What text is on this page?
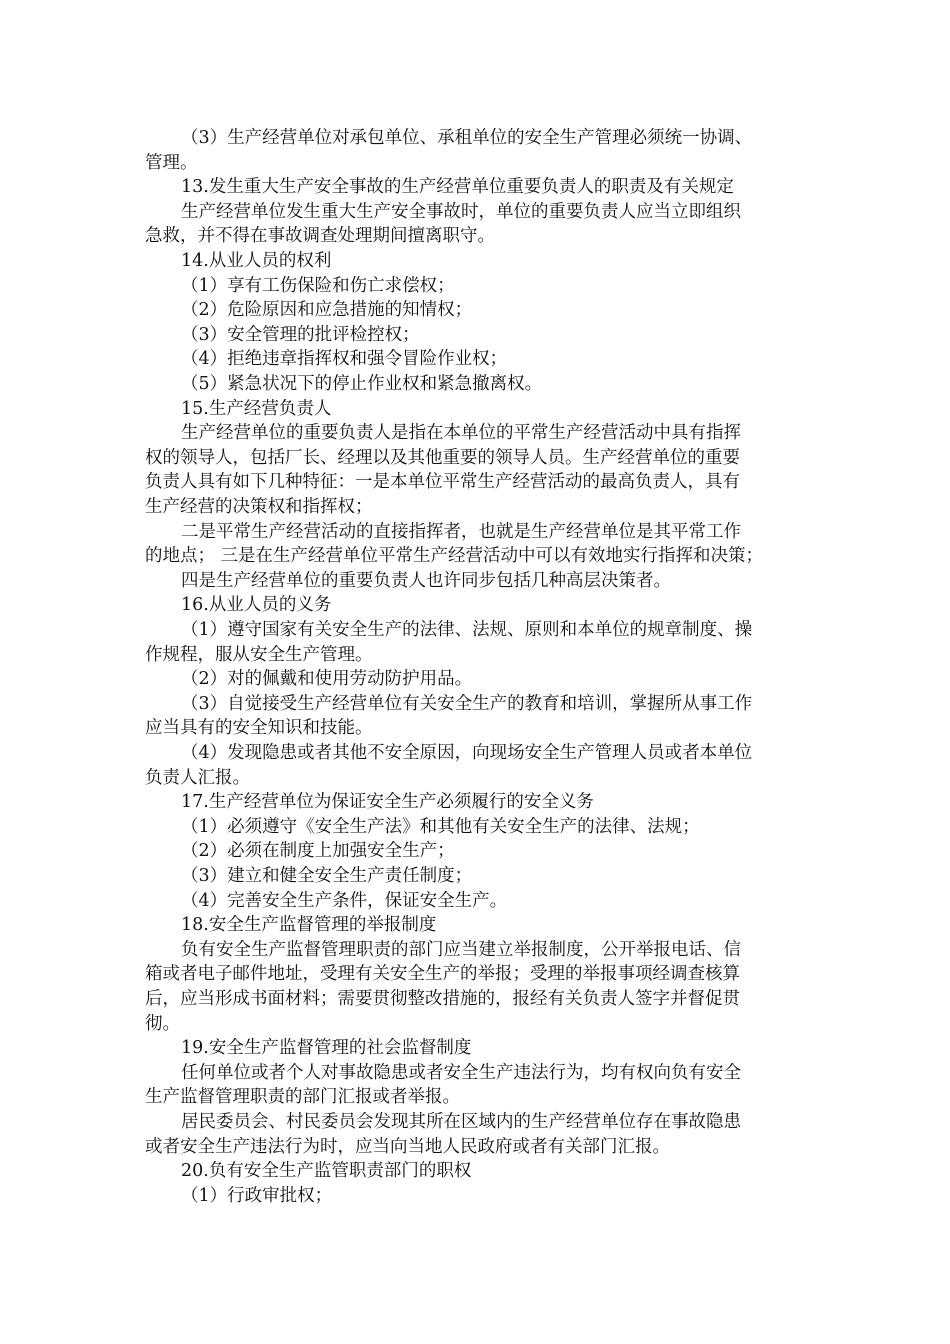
（3）生产经营单位对承包单位、承租单位的安全生产管理必须统一协调、
管理。
13.发生重大生产安全事故的生产经营单位重要负责人的职责及有关规定
生产经营单位发生重大生产安全事故时，单位的重要负责人应当立即组织
急救，并不得在事故调查处理期间擅离职守。
14.从业人员的权利
（1）享有工伤保险和伤亡求偿权；
（2）危险原因和应急措施的知情权；
（3）安全管理的批评检控权；
（4）拒绝违章指挥权和强令冒险作业权；
（5）紧急状况下的停止作业权和紧急撤离权。
15.生产经营负责人
生产经营单位的重要负责人是指在本单位的平常生产经营活动中具有指挥
权的领导人，包括厂长、经理以及其他重要的领导人员。生产经营单位的重要
负责人具有如下几种特征：一是本单位平常生产经营活动的最高负责人，具有
生产经营的决策权和指挥权；
二是平常生产经营活动的直接指挥者，也就是生产经营单位是其平常工作
的地点； 三是在生产经营单位平常生产经营活动中可以有效地实行指挥和决策；
四是生产经营单位的重要负责人也许同步包括几种高层决策者。
16.从业人员的义务
（1）遵守国家有关安全生产的法律、法规、原则和本单位的规章制度、操
作规程，服从安全生产管理。
（2）对的佩戴和使用劳动防护用品。
（3）自觉接受生产经营单位有关安全生产的教育和培训，掌握所从事工作
应当具有的安全知识和技能。
（4）发现隐患或者其他不安全原因，向现场安全生产管理人员或者本单位
负责人汇报。
17.生产经营单位为保证安全生产必须履行的安全义务
（1）必须遵守《安全生产法》和其他有关安全生产的法律、法规；
（2）必须在制度上加强安全生产；
（3）建立和健全安全生产责任制度；
（4）完善安全生产条件，保证安全生产。
18.安全生产监督管理的举报制度
负有安全生产监督管理职责的部门应当建立举报制度，公开举报电话、信
箱或者电子邮件地址，受理有关安全生产的举报；受理的举报事项经调查核算
后，应当形成书面材料；需要贯彻整改措施的，报经有关负责人签字并督促贯
彻。
19.安全生产监督管理的社会监督制度
任何单位或者个人对事故隐患或者安全生产违法行为，均有权向负有安全
生产监督管理职责的部门汇报或者举报。
居民委员会、村民委员会发现其所在区域内的生产经营单位存在事故隐患
或者安全生产违法行为时，应当向当地人民政府或者有关部门汇报。
20.负有安全生产监管职责部门的职权
（1）行政审批权；
